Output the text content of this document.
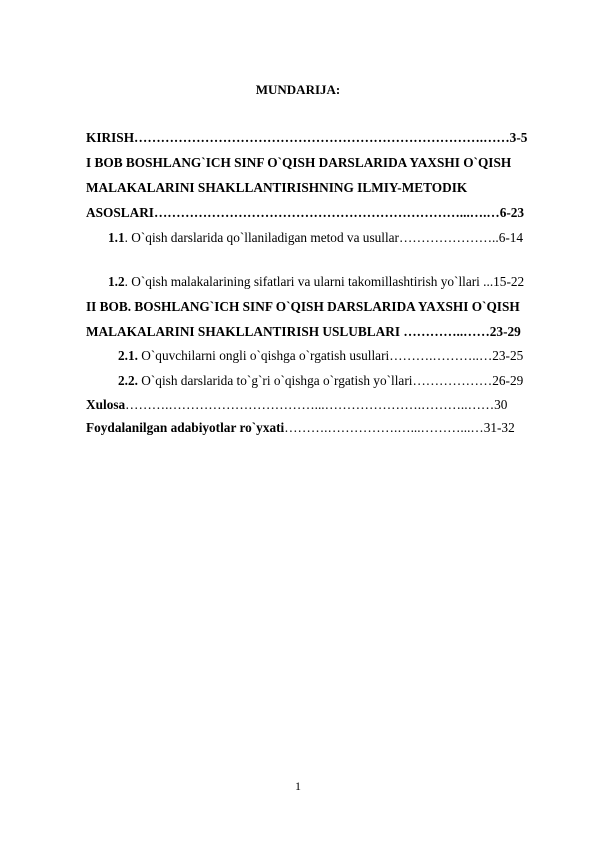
MUNDARIJA:
KIRISH…………………………………………………………………….……3-5
I BOB BOSHLANG`ICH SINF O`QISH DARSLARIDA YAXSHI O`QISH
MALAKALARINI SHAKLLANTIRISHNING ILMIY-METODIK
ASOSLARI……………………………………………………………...….…6-23
1.1. O`qish darslarida qo`llaniladigan metod va usullar…………………..6-14
1.2. O`qish malakalarining sifatlari va ularni takomillashtirish yo`llari ...15-22
II BOB. BOSHLANG`ICH SINF O`QISH DARSLARIDA YAXSHI O`QISH
MALAKALARINI SHAKLLANTIRISH USLUBLARI …………..……23-29
2.1. O`quvchilarni ongli o`qishga o`rgatish usullari……….………..…23-25
2.2. O`qish darslarida to`g`ri o`qishga o`rgatish yo`llari………………26-29
Xulosa……….……………………………...………………….………..……30
Foydalanilgan adabiyotlar ro`yxati……….…………….…...………...…31-32
1
